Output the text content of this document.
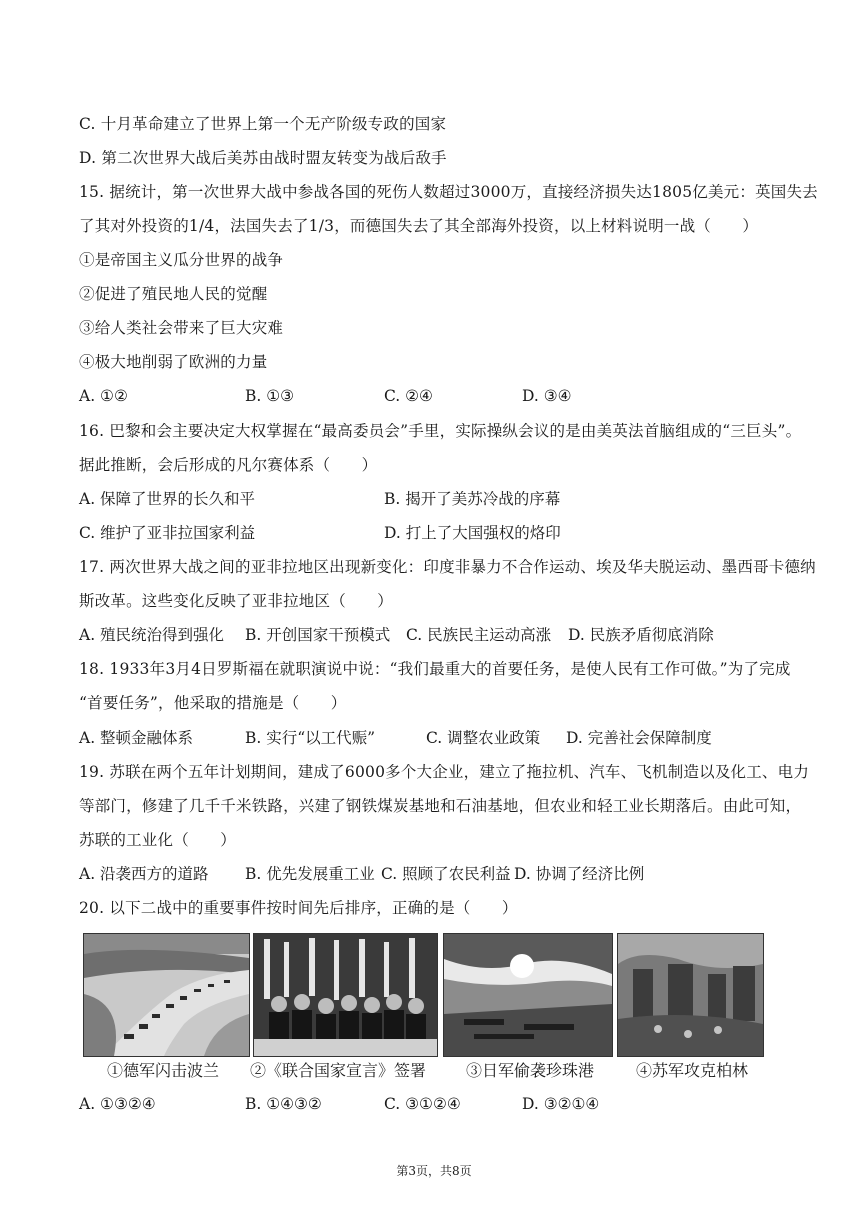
C. 十月革命建立了世界上第一个无产阶级专政的国家
D. 第二次世界大战后美苏由战时盟友转变为战后敌手
15. 据统计，第一次世界大战中参战各国的死伤人数超过3000万，直接经济损失达1805亿美元：英国失去
了其对外投资的1/4，法国失去了1/3，而德国失去了其全部海外投资，以上材料说明一战（　　）
①是帝国主义瓜分世界的战争
②促进了殖民地人民的觉醒
③给人类社会带来了巨大灾难
④极大地削弱了欧洲的力量
A. ①②	B. ①③	C. ②④	D. ③④
16. 巴黎和会主要决定大权掌握在“最高委员会”手里，实际操纵会议的是由美英法首脑组成的“三巨头”。
据此推断，会后形成的凡尔赛体系（　　）
A. 保障了世界的长久和平	B. 揭开了美苏冷战的序幕
C. 维护了亚非拉国家利益	D. 打上了大国强权的烙印
17. 两次世界大战之间的亚非拉地区出现新变化：印度非暴力不合作运动、埃及华夫脱运动、墨西哥卡德纳
斯改革。这些变化反映了亚非拉地区（　　）
A. 殖民统治得到强化 B. 开创国家干预模式 C. 民族民主运动高涨 D. 民族矛盾彻底消除
18. 1933年3月4日罗斯福在就职演说中说：“我们最重大的首要任务，是使人民有工作可做。”为了完成
“首要任务”，他采取的措施是（　　）
A. 整顿金融体系	B. 实行“以工代赈”	C. 调整农业政策 D. 完善社会保障制度
19. 苏联在两个五年计划期间，建成了6000多个大企业，建立了拖拉机、汽车、飞机制造以及化工、电力
等部门，修建了几千千米铁路，兴建了钢铁煤炭基地和石油基地，但农业和轻工业长期落后。由此可知，
苏联的工业化（　　）
A. 沿袭西方的道路 B. 优先发展重工业 C. 照顾了农民利益 D. 协调了经济比例
20. 以下二战中的重要事件按时间先后排序，正确的是（　　）
①德军闪击波兰 ②《联合国家宣言》签署 ③日军偷袭珍珠港	④苏军攻克柏林
A. ①③②④	B. ①④③②	C. ③①②④	D. ③②①④
第3页，共8页
